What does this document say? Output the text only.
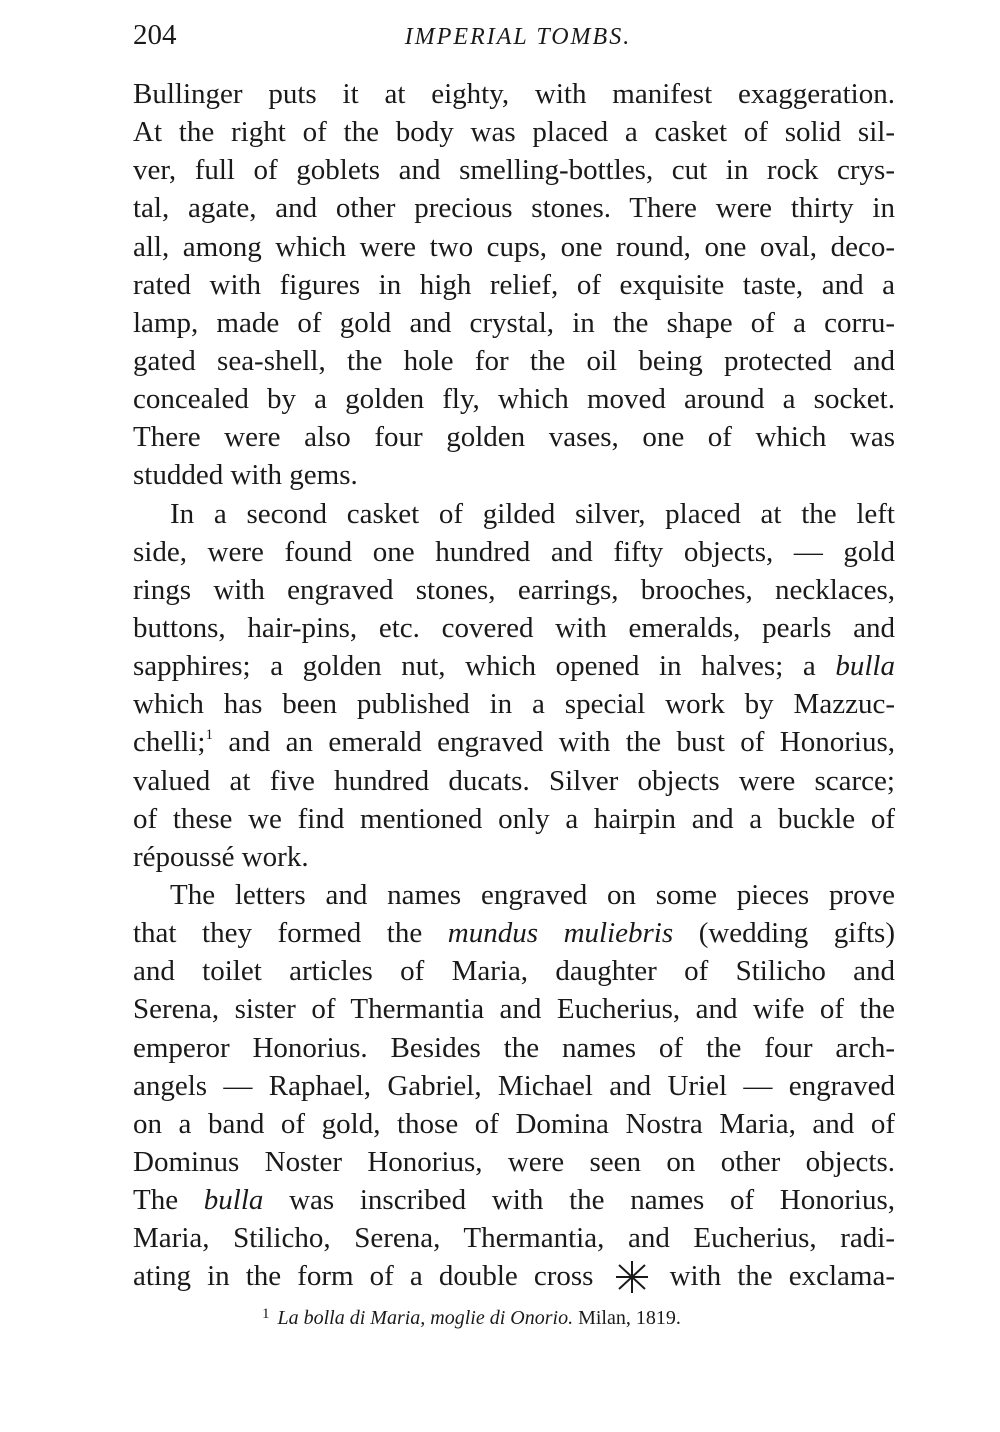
204	IMPERIAL TOMBS.
Bullinger puts it at eighty, with manifest exaggeration.
At the right of the body was placed a casket of solid sil-
ver, full of goblets and smelling-bottles, cut in rock crys-
tal, agate, and other precious stones. There were thirty in
all, among which were two cups, one round, one oval, deco-
rated with figures in high relief, of exquisite taste, and a
lamp, made of gold and crystal, in the shape of a corru-
gated sea-shell, the hole for the oil being protected and
concealed by a golden fly, which moved around a socket.
There were also four golden vases, one of which was
studded with gems.
In a second casket of gilded silver, placed at the left
side, were found one hundred and fifty objects, — gold
rings with engraved stones, earrings, brooches, necklaces,
buttons, hair-pins, etc. covered with emeralds, pearls and
sapphires; a golden nut, which opened in halves; a bulla
which has been published in a special work by Mazzuc-
chelli;$^1$ and an emerald engraved with the bust of Honorius,
valued at five hundred ducats. Silver objects were scarce;
of these we find mentioned only a hairpin and a buckle of
répoussé work.
The letters and names engraved on some pieces prove
that they formed the mundus muliebris (wedding gifts)
and toilet articles of Maria, daughter of Stilicho and
Serena, sister of Thermantia and Eucherius, and wife of the
emperor Honorius. Besides the names of the four arch-
angels — Raphael, Gabriel, Michael and Uriel — engraved
on a band of gold, those of Domina Nostra Maria, and of
Dominus Noster Honorius, were seen on other objects.
The bulla was inscribed with the names of Honorius,
Maria, Stilicho, Serena, Thermantia, and Eucherius, radi-
ating in the form of a double cross  with the exclama-
$^1$ La bolla di Maria, moglie di Onorio. Milan, 1819.
